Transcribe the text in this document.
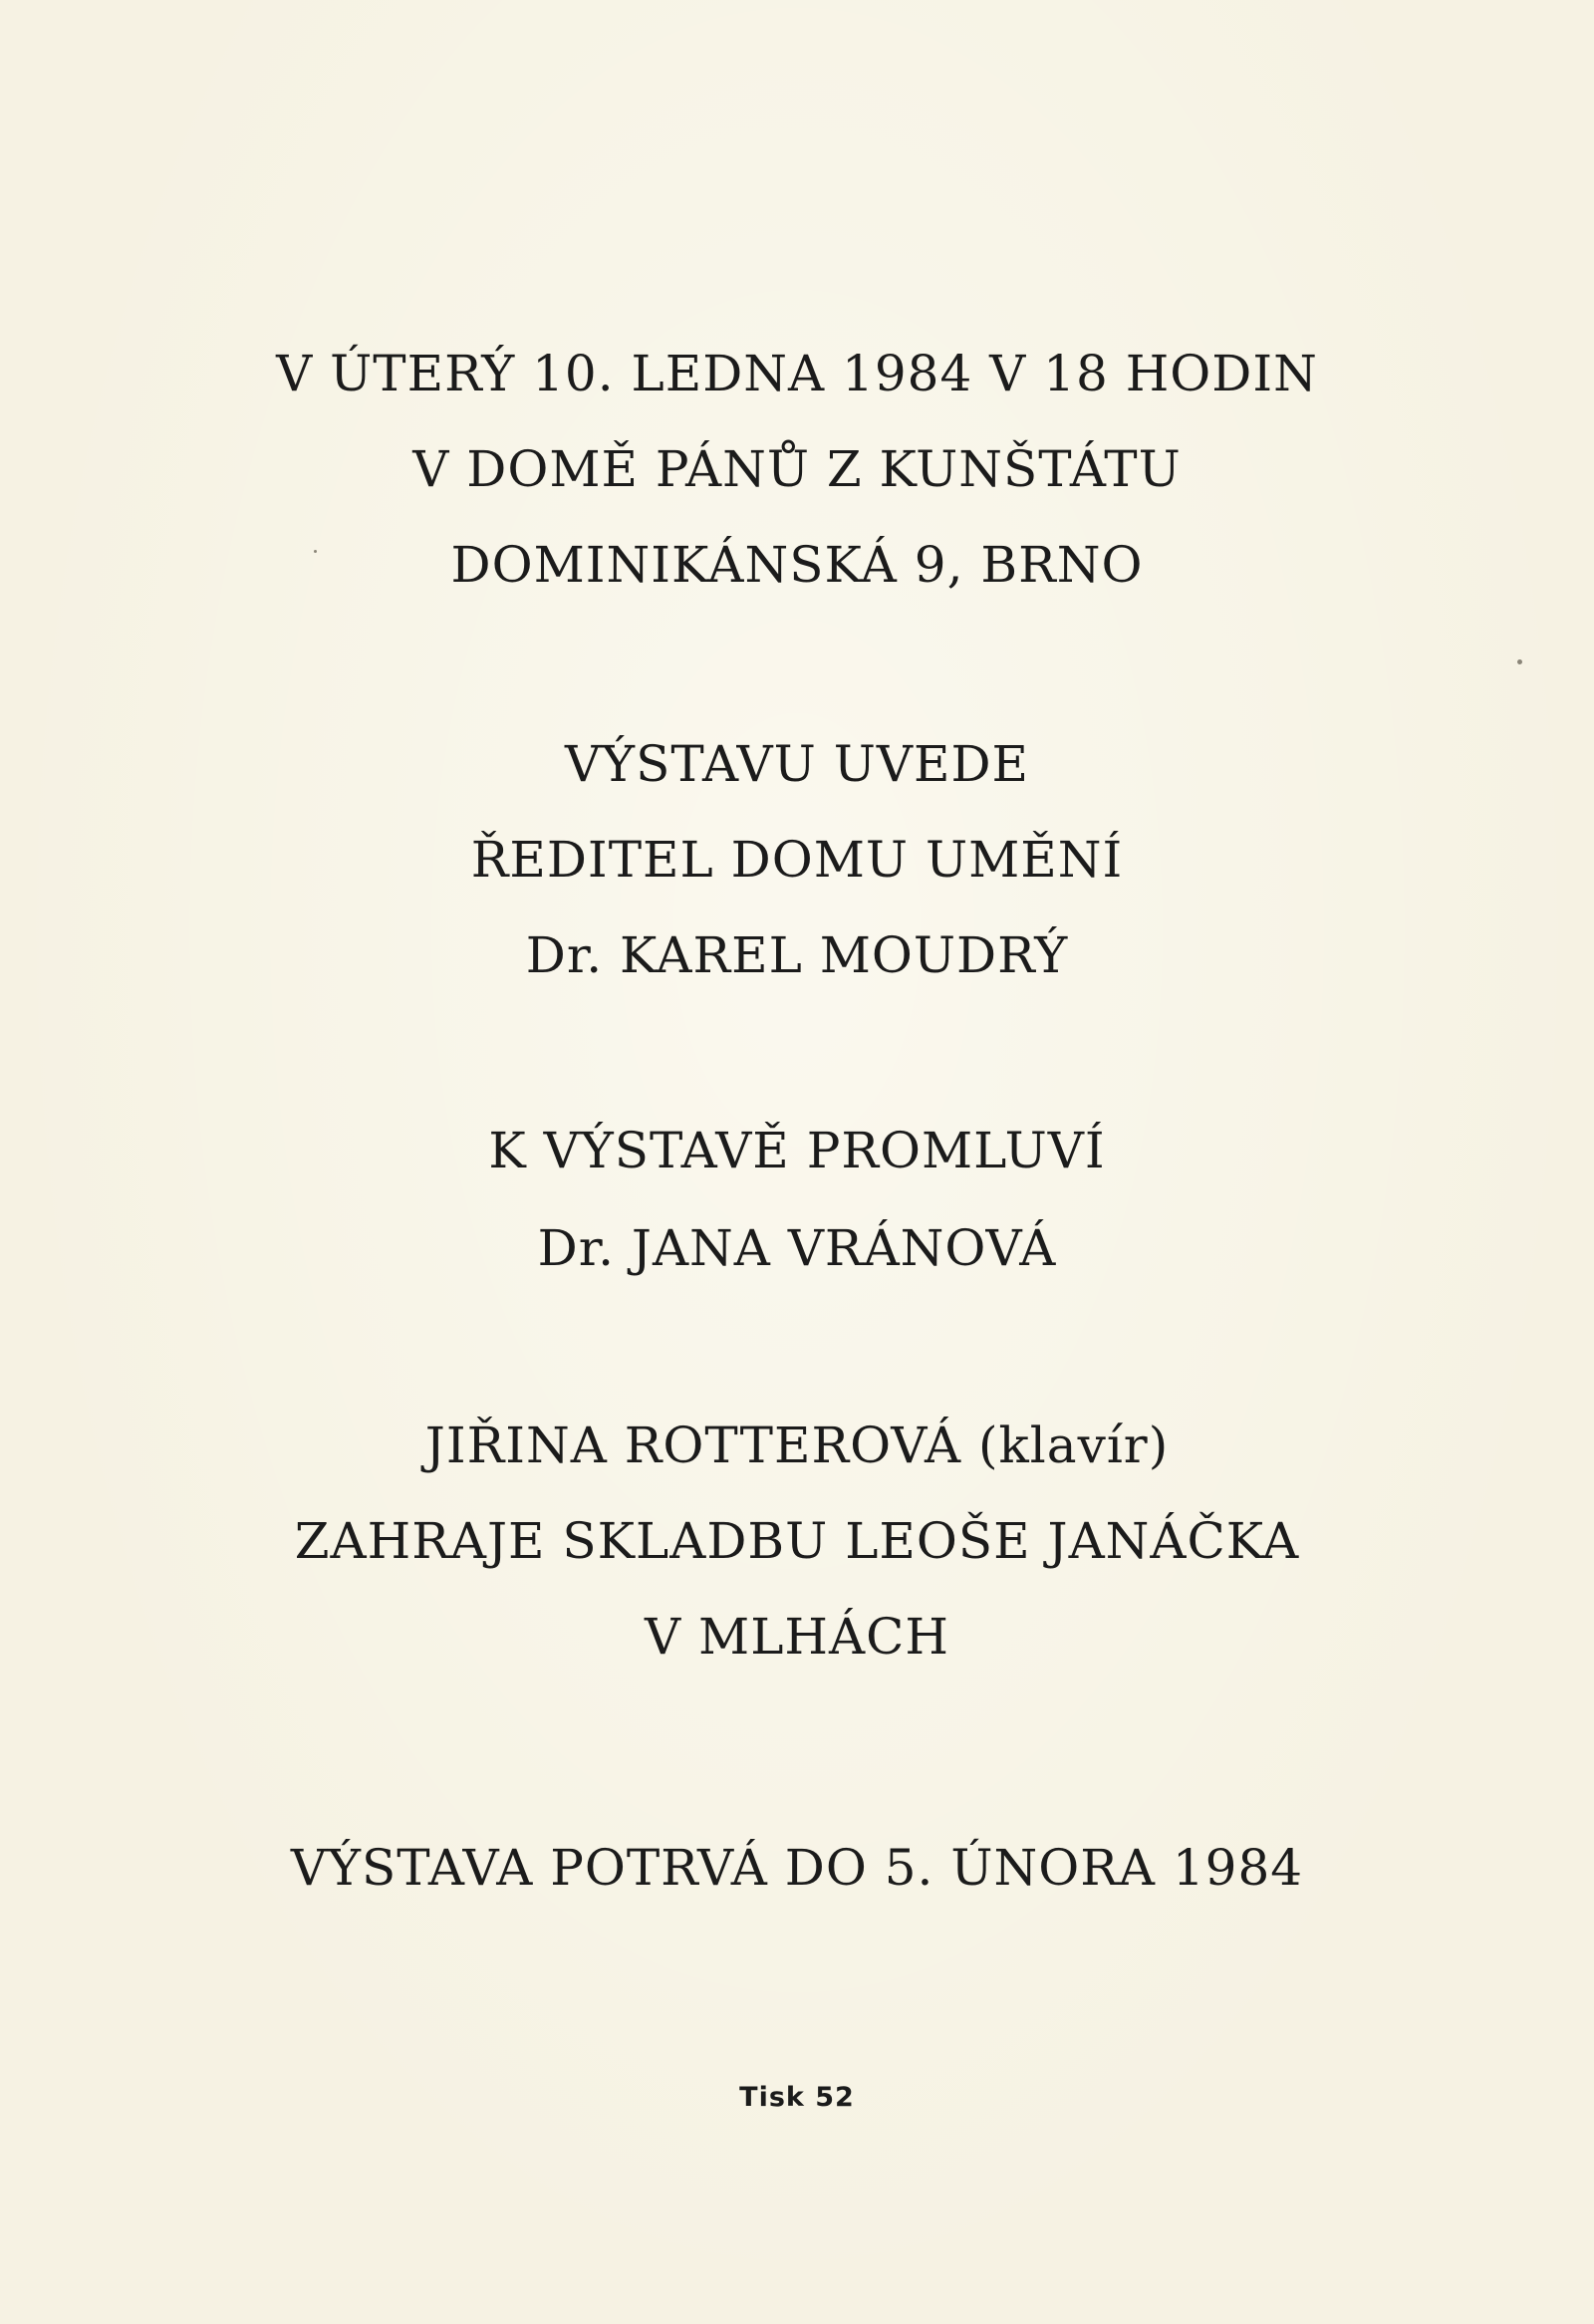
V ÚTERÝ 10. LEDNA 1984 V 18 HODIN
V DOMĚ PÁNŮ Z KUNŠTÁTU
DOMINIKÁNSKÁ 9, BRNO
VÝSTAVU UVEDE
ŘEDITEL DOMU UMĚNÍ
Dr. KAREL MOUDRÝ
K VÝSTAVĚ PROMLUVÍ
Dr. JANA VRÁNOVÁ
JIŘINA ROTTEROVÁ (klavír)
ZAHRAJE SKLADBU LEOŠE JANÁČKA
V MLHÁCH
VÝSTAVA POTRVÁ DO 5. ÚNORA 1984
Tisk 52
